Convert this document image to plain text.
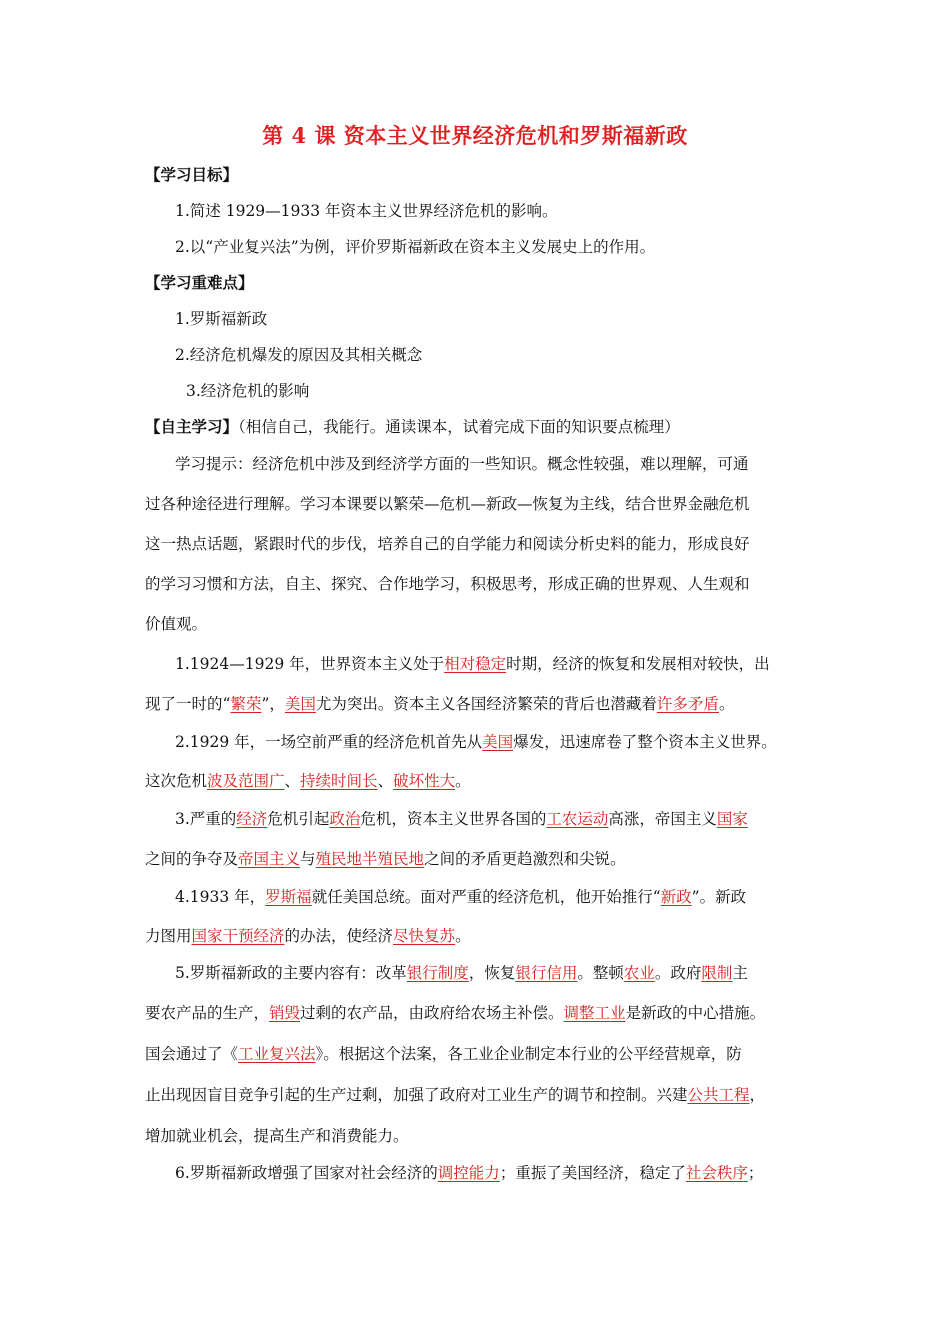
第 4 课 资本主义世界经济危机和罗斯福新政
【学习目标】
1.简述 1929—1933 年资本主义世界经济危机的影响。
2.以“产业复兴法”为例，评价罗斯福新政在资本主义发展史上的作用。
【学习重难点】
1.罗斯福新政
2.经济危机爆发的原因及其相关概念
3.经济危机的影响
【自主学习】（相信自己，我能行。通读课本，试着完成下面的知识要点梳理）
学习提示：经济危机中涉及到经济学方面的一些知识。概念性较强，难以理解，可通
过各种途径进行理解。学习本课要以繁荣—危机—新政—恢复为主线，结合世界金融危机
这一热点话题，紧跟时代的步伐，培养自己的自学能力和阅读分析史料的能力，形成良好
的学习习惯和方法，自主、探究、合作地学习，积极思考，形成正确的世界观、人生观和
价值观。
1.1924—1929 年，世界资本主义处于相对稳定时期，经济的恢复和发展相对较快，出
现了一时的“繁荣”，美国尤为突出。资本主义各国经济繁荣的背后也潜藏着许多矛盾。
2.1929 年，一场空前严重的经济危机首先从美国爆发，迅速席卷了整个资本主义世界。
这次危机波及范围广、持续时间长、破坏性大。
3.严重的经济危机引起政治危机，资本主义世界各国的工农运动高涨，帝国主义国家
之间的争夺及帝国主义与殖民地半殖民地之间的矛盾更趋激烈和尖锐。
4.1933 年，罗斯福就任美国总统。面对严重的经济危机，他开始推行“新政”。新政
力图用国家干预经济的办法，使经济尽快复苏。
5.罗斯福新政的主要内容有：改革银行制度，恢复银行信用。整顿农业。政府限制主
要农产品的生产，销毁过剩的农产品，由政府给农场主补偿。调整工业是新政的中心措施。
国会通过了《工业复兴法》。根据这个法案，各工业企业制定本行业的公平经营规章，防
止出现因盲目竞争引起的生产过剩，加强了政府对工业生产的调节和控制。兴建公共工程，
增加就业机会，提高生产和消费能力。
6.罗斯福新政增强了国家对社会经济的调控能力；重振了美国经济，稳定了社会秩序；
